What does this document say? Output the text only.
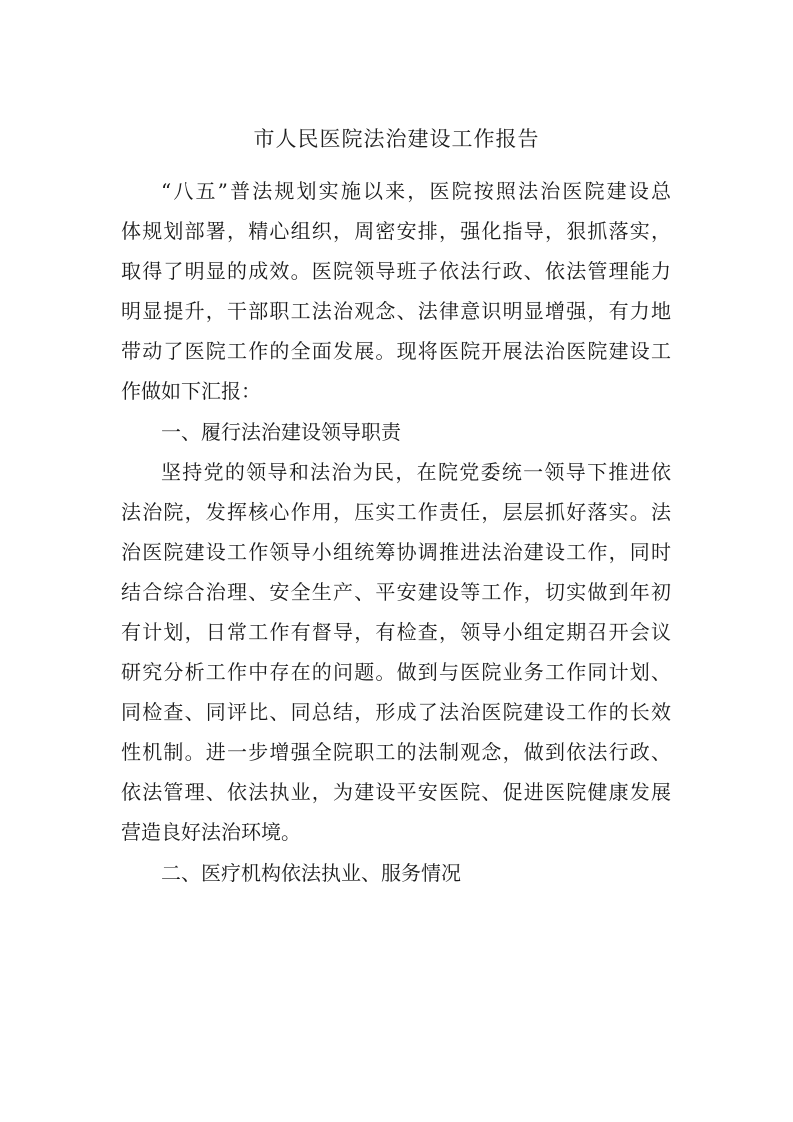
市人民医院法治建设工作报告

“八五”普法规划实施以来，医院按照法治医院建设总

体规划部署，精心组织，周密安排，强化指导，狠抓落实，

取得了明显的成效。医院领导班子依法行政、依法管理能力

明显提升，干部职工法治观念、法律意识明显增强，有力地

带动了医院工作的全面发展。现将医院开展法治医院建设工

作做如下汇报：

一、履行法治建设领导职责

坚持党的领导和法治为民，在院党委统一领导下推进依

法治院，发挥核心作用，压实工作责任，层层抓好落实。法

治医院建设工作领导小组统筹协调推进法治建设工作，同时

结合综合治理、安全生产、平安建设等工作，切实做到年初

有计划，日常工作有督导，有检查，领导小组定期召开会议

研究分析工作中存在的问题。做到与医院业务工作同计划、

同检查、同评比、同总结，形成了法治医院建设工作的长效

性机制。进一步增强全院职工的法制观念，做到依法行政、

依法管理、依法执业，为建设平安医院、促进医院健康发展

营造良好法治环境。

二、医疗机构依法执业、服务情况
